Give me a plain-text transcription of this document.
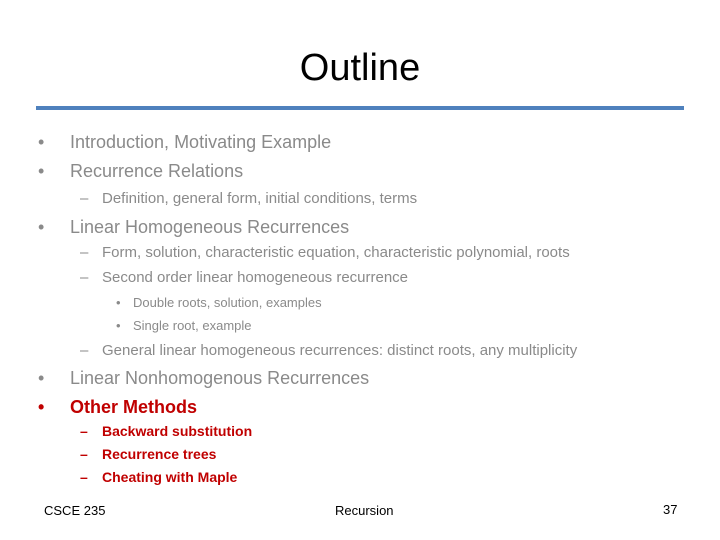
Outline
• Introduction, Motivating Example
• Recurrence Relations
– Definition, general form, initial conditions, terms
• Linear Homogeneous Recurrences
– Form, solution, characteristic equation, characteristic polynomial, roots
– Second order linear homogeneous recurrence
• Double roots, solution, examples
• Single root, example
– General linear homogeneous recurrences: distinct roots, any multiplicity
• Linear Nonhomogenous Recurrences
• Other Methods
– Backward substitution
– Recurrence trees
– Cheating with Maple
CSCE 235	Recursion	37
